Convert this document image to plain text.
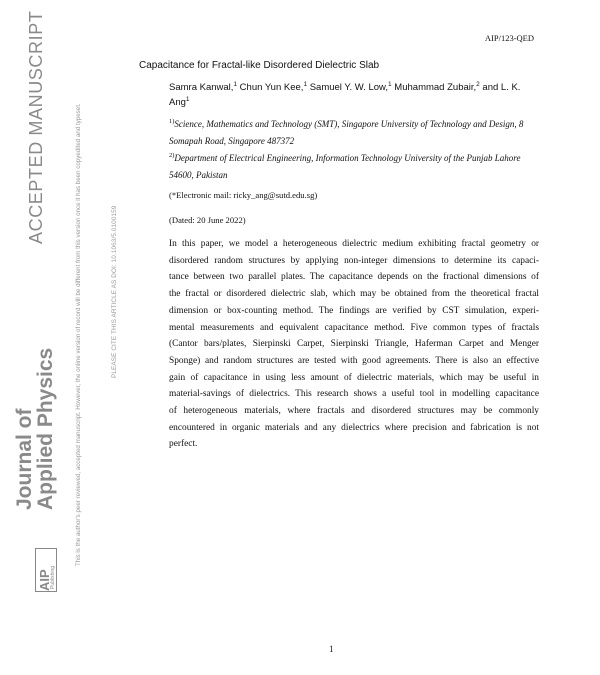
ACCEPTED MANUSCRIPT
Journal of
Applied Physics	This is the author's peer reviewed, accepted manuscript. However, the online version of record will be different from this version once it has been copyedited and typeset.	PLEASE CITE THIS ARTICLE AS DOI: 10.1063/5.0100159
AIP
Publishing
AIP/123-QED
Capacitance for Fractal-like Disordered Dielectric Slab
Samra Kanwal,$^1$ Chun Yun Kee,$^1$ Samuel Y. W. Low,$^1$ Muhammad Zubair,$^2$ and L. K. Ang$^1$
$^{1)}$Science, Mathematics and Technology (SMT), Singapore University of Technology and Design, 8 Somapah Road, Singapore 487372
$^{2)}$Department of Electrical Engineering, Information Technology University of the Punjab Lahore 54600, Pakistan
(*Electronic mail: ricky_ang@sutd.edu.sg)
(Dated: 20 June 2022)
In this paper, we model a heterogeneous dielectric medium exhibiting fractal geometry or
disordered random structures by applying non-integer dimensions to determine its capaci-
tance between two parallel plates. The capacitance depends on the fractional dimensions of
the fractal or disordered dielectric slab, which may be obtained from the theoretical fractal
dimension or box-counting method. The findings are verified by CST simulation, experi-
mental measurements and equivalent capacitance method. Five common types of fractals
(Cantor bars/plates, Sierpinski Carpet, Sierpinski Triangle, Haferman Carpet and Menger
Sponge) and random structures are tested with good agreements. There is also an effective
gain of capacitance in using less amount of dielectric materials, which may be useful in
material-savings of dielectrics. This research shows a useful tool in modelling capacitance
of heterogeneous materials, where fractals and disordered structures may be commonly
encountered in organic materials and any dielectrics where precision and fabrication is not
perfect.
1
